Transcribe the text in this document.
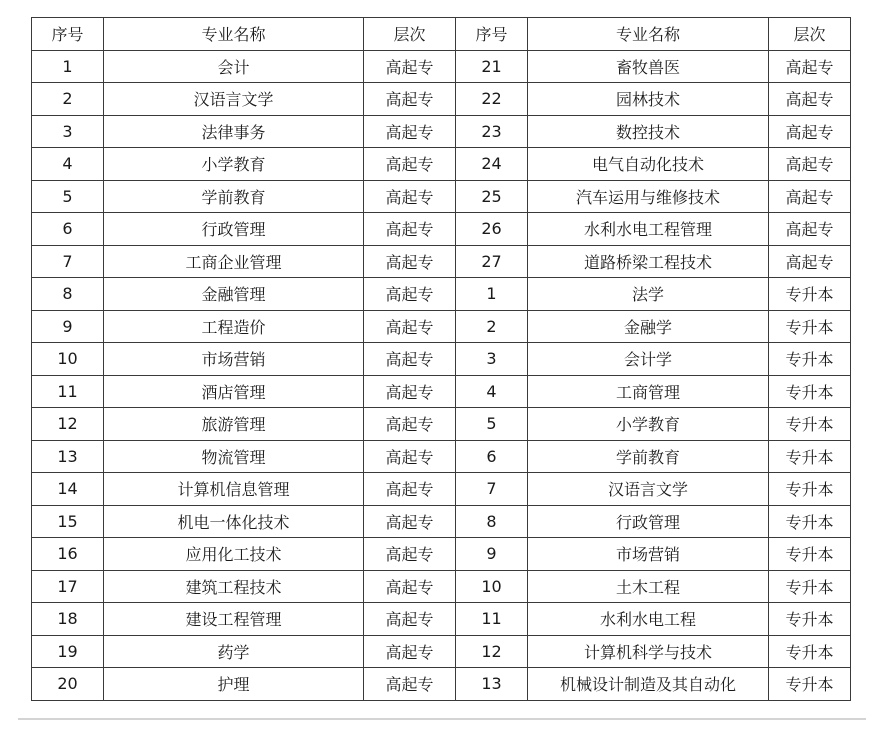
序号	专业名称	层次	序号	专业名称	层次
1	会计	高起专	21	畜牧兽医	高起专
2	汉语言文学	高起专	22	园林技术	高起专
3	法律事务	高起专	23	数控技术	高起专
4	小学教育	高起专	24	电气自动化技术	高起专
5	学前教育	高起专	25	汽车运用与维修技术	高起专
6	行政管理	高起专	26	水利水电工程管理	高起专
7	工商企业管理	高起专	27	道路桥梁工程技术	高起专
8	金融管理	高起专	1	法学	专升本
9	工程造价	高起专	2	金融学	专升本
10	市场营销	高起专	3	会计学	专升本
11	酒店管理	高起专	4	工商管理	专升本
12	旅游管理	高起专	5	小学教育	专升本
13	物流管理	高起专	6	学前教育	专升本
14	计算机信息管理	高起专	7	汉语言文学	专升本
15	机电一体化技术	高起专	8	行政管理	专升本
16	应用化工技术	高起专	9	市场营销	专升本
17	建筑工程技术	高起专	10	土木工程	专升本
18	建设工程管理	高起专	11	水利水电工程	专升本
19	药学	高起专	12	计算机科学与技术	专升本
20	护理	高起专	13	机械设计制造及其自动化	专升本
